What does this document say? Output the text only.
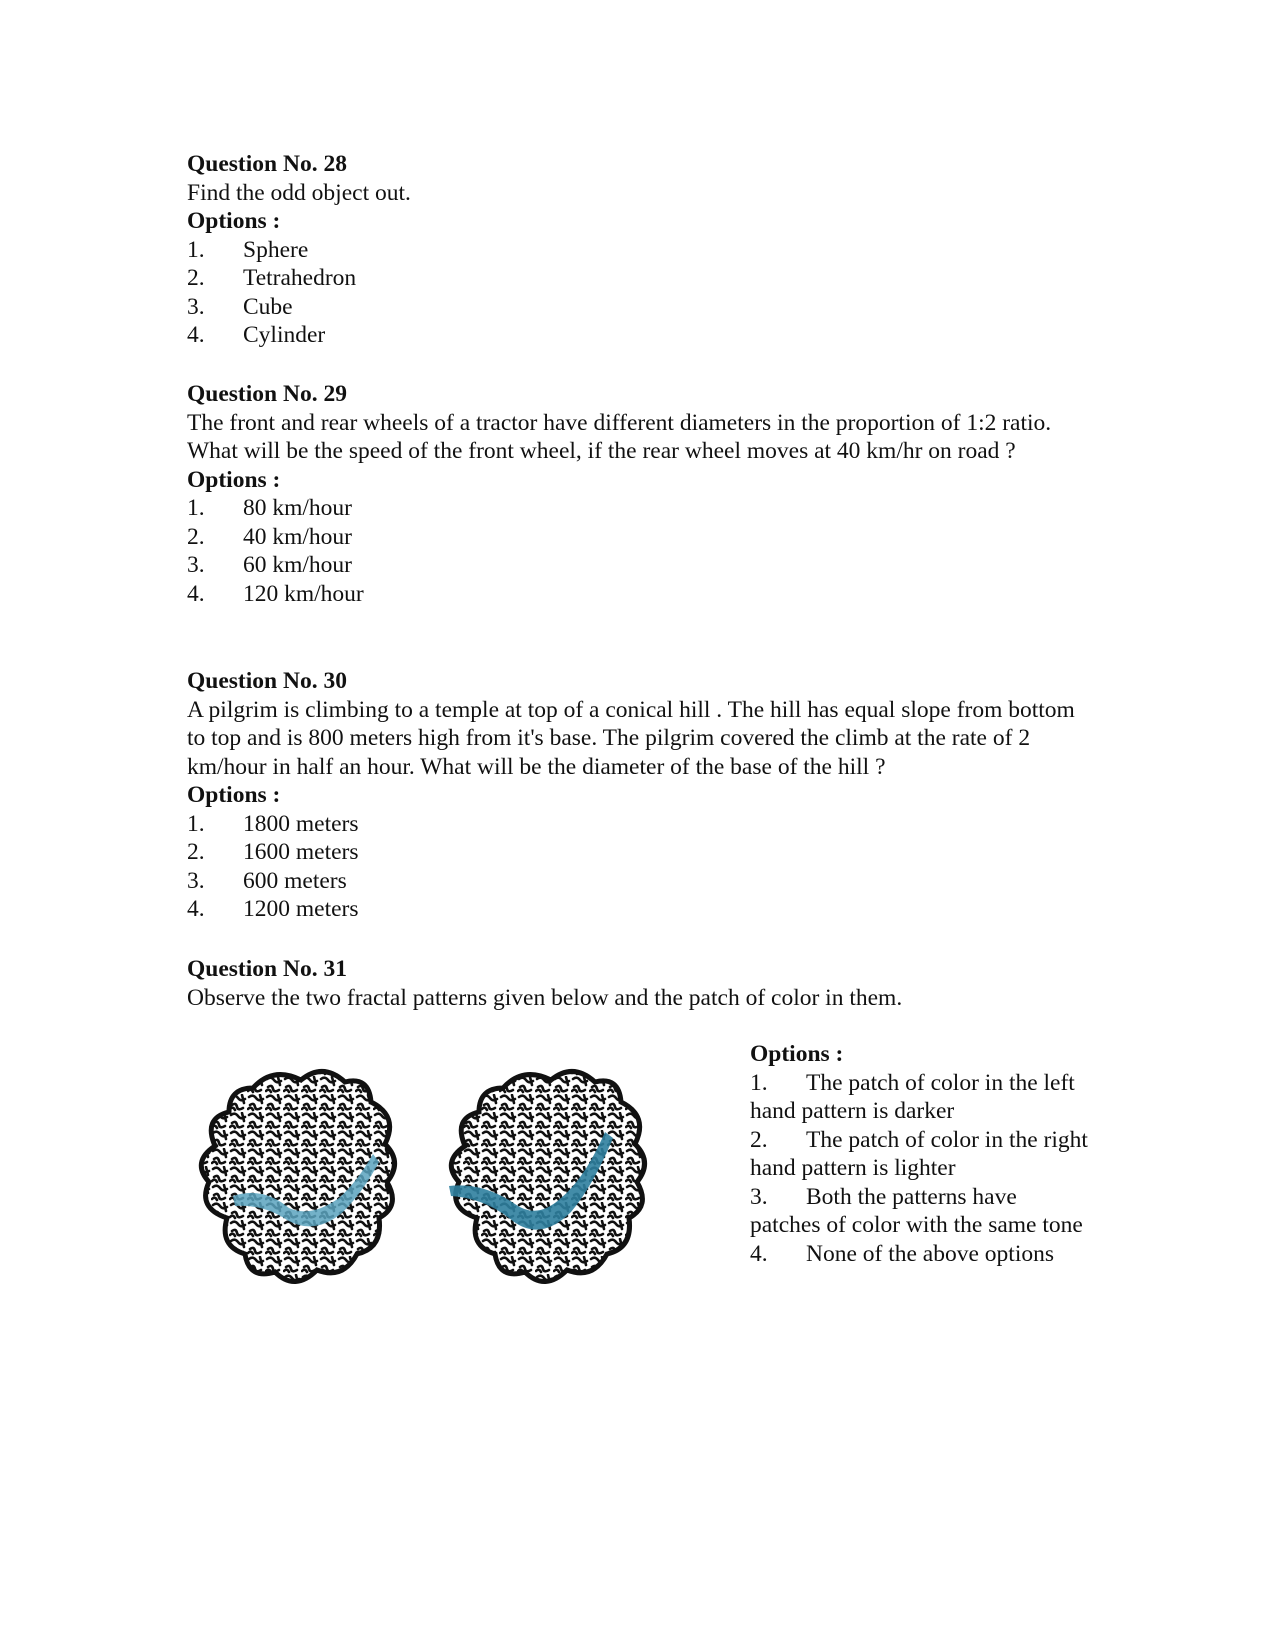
Question No. 28

Find the odd object out.

Options :
1.	Sphere
2.	Tetrahedron
3.	Cube
4.	Cylinder
Question No. 29

The front and rear wheels of a tractor have different diameters in the proportion of 1:2 ratio. What will be the speed of the front wheel, if the rear wheel moves at 40 km/hr on road ?

Options :
1.	80 km/hour
2.	40 km/hour
3.	60 km/hour
4.	120 km/hour
Question No. 30

A pilgrim is climbing to a temple at top of a conical hill . The hill has equal slope from bottom to top and is 800 meters high from it's base. The pilgrim covered the climb at the rate of 2 km/hour in half an hour. What will be the diameter of the base of the hill ?

Options :
1.	1800 meters
2.	1600 meters
3.	600 meters
4.	1200 meters
Question No. 31

Observe the two fractal patterns given below and the patch of color in them.

Options :

1. The patch of color in the left hand pattern is darker

2. The patch of color in the right hand pattern is lighter

3. Both the patterns have patches of color with the same tone

4. None of the above options
